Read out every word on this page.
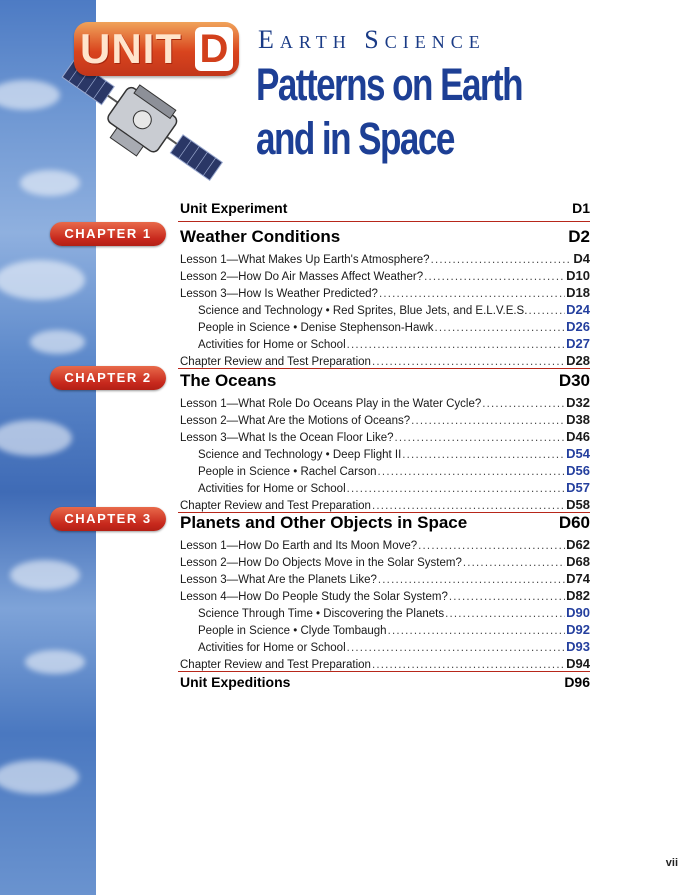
UNIT D Earth Science
Patterns on Earth and in Space
Unit Experiment	D1
CHAPTER 1	Weather Conditions	D2
Lesson 1—What Makes Up Earth's Atmosphere? . . .	D4
Lesson 2—How Do Air Masses Affect Weather? . . .	D10
Lesson 3—How Is Weather Predicted? . . .	D18
Science and Technology • Red Sprites, Blue Jets, and E.L.V.E.S. . . .	D24
People in Science • Denise Stephenson-Hawk . . .	D26
Activities for Home or School . . .	D27
Chapter Review and Test Preparation . . .	D28
CHAPTER 2	The Oceans	D30
Lesson 1—What Role Do Oceans Play in the Water Cycle? . . .	D32
Lesson 2—What Are the Motions of Oceans? . . .	D38
Lesson 3—What Is the Ocean Floor Like? . . .	D46
Science and Technology • Deep Flight II . . .	D54
People in Science • Rachel Carson . . .	D56
Activities for Home or School . . .	D57
Chapter Review and Test Preparation . . .	D58
CHAPTER 3	Planets and Other Objects in Space	D60
Lesson 1—How Do Earth and Its Moon Move? . . .	D62
Lesson 2—How Do Objects Move in the Solar System? . . .	D68
Lesson 3—What Are the Planets Like? . . .	D74
Lesson 4—How Do People Study the Solar System? . . .	D82
Science Through Time • Discovering the Planets . . .	D90
People in Science • Clyde Tombaugh . . .	D92
Activities for Home or School . . .	D93
Chapter Review and Test Preparation . . .	D94
Unit Expeditions	D96
vii
